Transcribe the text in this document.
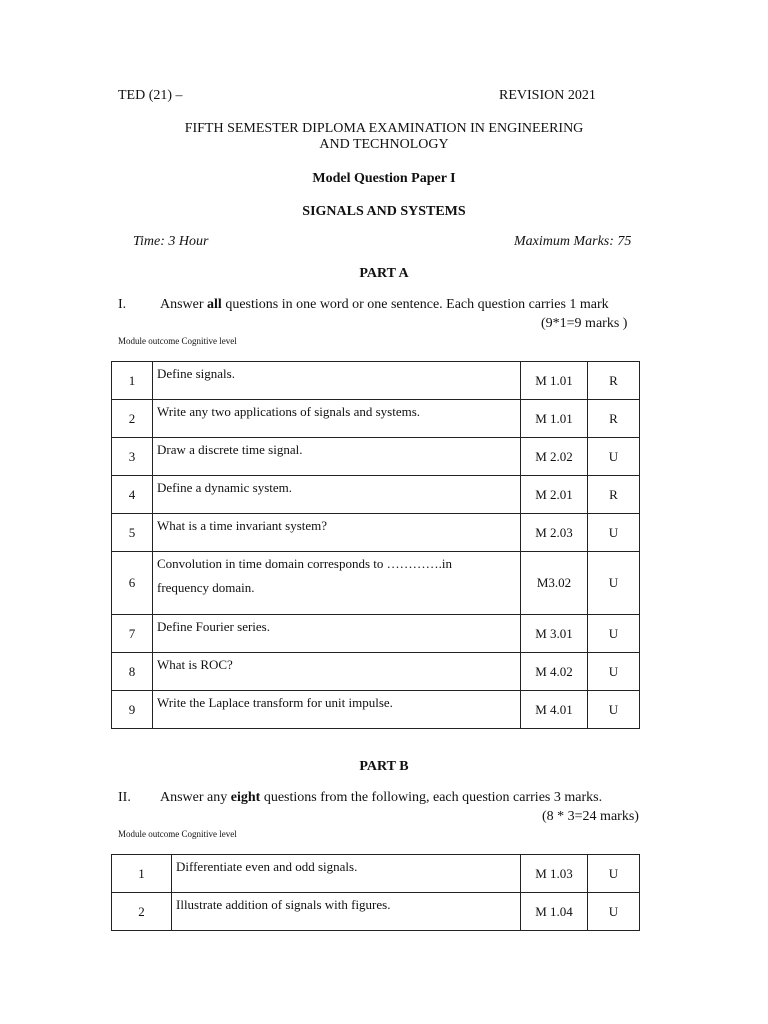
TED (21) –	REVISION 2021
FIFTH SEMESTER DIPLOMA EXAMINATION IN ENGINEERING
AND TECHNOLOGY
Model Question Paper I
SIGNALS AND SYSTEMS
Time: 3 Hour	Maximum Marks: 75
PART A
I. Answer all questions in one word or one sentence. Each question carries 1 mark
(9*1=9 marks )
Module outcome Cognitive level
1	Define signals.	M 1.01	R
2	Write any two applications of signals and systems.	M 1.01	R
3	Draw a discrete time signal.	M 2.02	U
4	Define a dynamic system.	M 2.01	R
5	What is a time invariant system?	M 2.03	U
6	Convolution in time domain corresponds to ………….in
frequency domain.	M3.02	U
7	Define Fourier series.	M 3.01	U
8	What is ROC?	M 4.02	U
9	Write the Laplace transform for unit impulse.	M 4.01	U
PART B
II. Answer any eight questions from the following, each question carries 3 marks.
(8 * 3=24 marks)
Module outcome Cognitive level
1	Differentiate even and odd signals.	M 1.03	U
2	Illustrate addition of signals with figures.	M 1.04	U
